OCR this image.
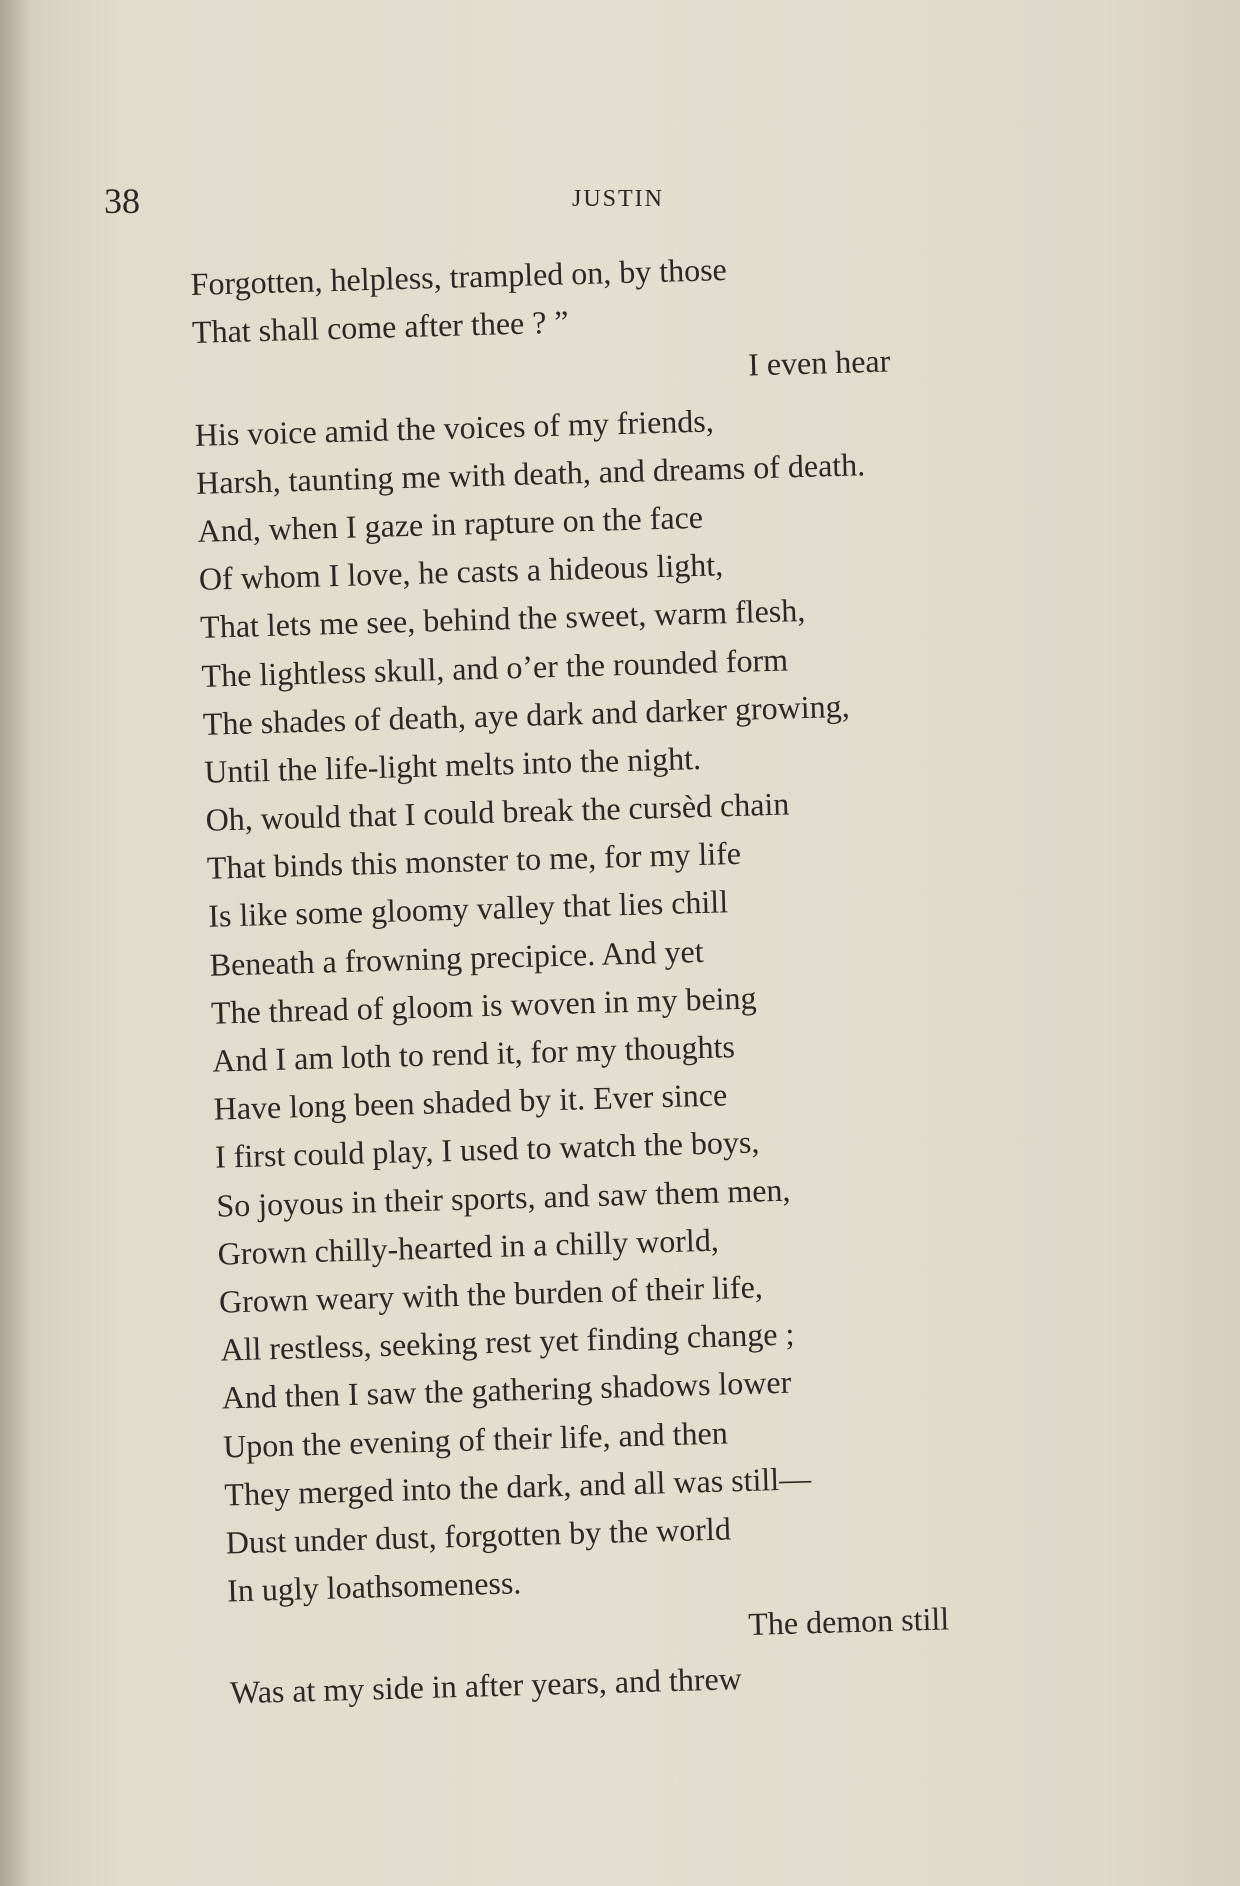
38	JUSTIN
Forgotten, helpless, trampled on, by those
That shall come after thee ? ”
I even hear
His voice amid the voices of my friends,
Harsh, taunting me with death, and dreams of death.
And, when I gaze in rapture on the face
Of whom I love, he casts a hideous light,
That lets me see, behind the sweet, warm flesh,
The lightless skull, and o’er the rounded form
The shades of death, aye dark and darker growing,
Until the life-light melts into the night.
Oh, would that I could break the cursèd chain
That binds this monster to me, for my life
Is like some gloomy valley that lies chill
Beneath a frowning precipice. And yet
The thread of gloom is woven in my being
And I am loth to rend it, for my thoughts
Have long been shaded by it. Ever since
I first could play, I used to watch the boys,
So joyous in their sports, and saw them men,
Grown chilly-hearted in a chilly world,
Grown weary with the burden of their life,
All restless, seeking rest yet finding change ;
And then I saw the gathering shadows lower
Upon the evening of their life, and then
They merged into the dark, and all was still—
Dust under dust, forgotten by the world
In ugly loathsomeness.
The demon still
Was at my side in after years, and threw
